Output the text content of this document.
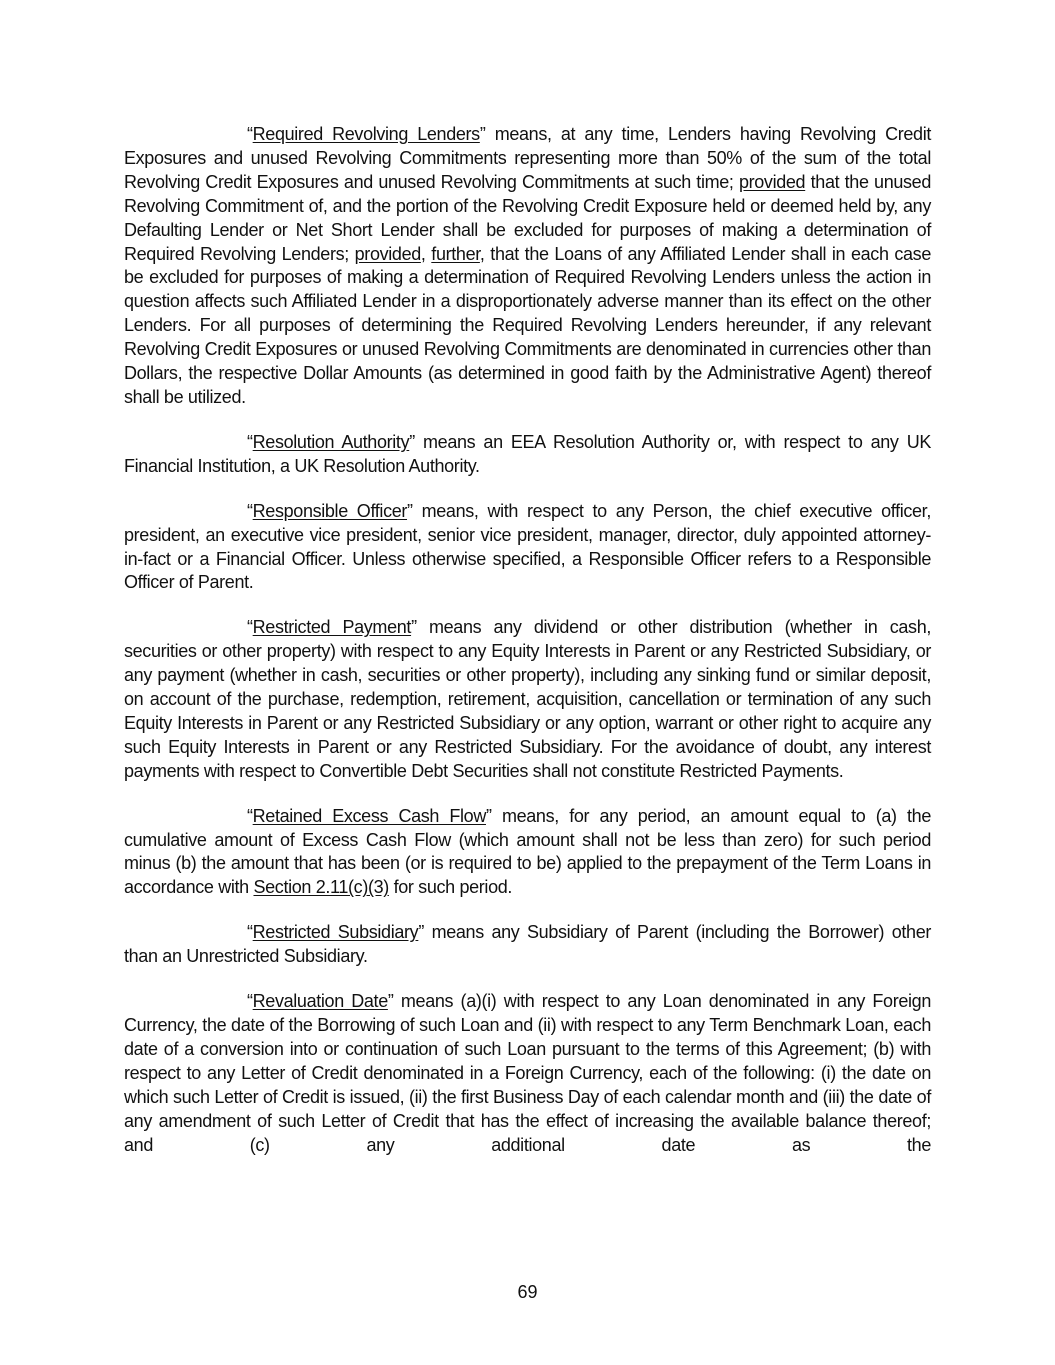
“Required Revolving Lenders” means, at any time, Lenders having Revolving Credit Exposures and unused Revolving Commitments representing more than 50% of the sum of the total Revolving Credit Exposures and unused Revolving Commitments at such time; provided that the unused Revolving Commitment of, and the portion of the Revolving Credit Exposure held or deemed held by, any Defaulting Lender or Net Short Lender shall be excluded for purposes of making a determination of Required Revolving Lenders; provided, further, that the Loans of any Affiliated Lender shall in each case be excluded for purposes of making a determination of Required Revolving Lenders unless the action in question affects such Affiliated Lender in a disproportionately adverse manner than its effect on the other Lenders. For all purposes of determining the Required Revolving Lenders hereunder, if any relevant Revolving Credit Exposures or unused Revolving Commitments are denominated in currencies other than Dollars, the respective Dollar Amounts (as determined in good faith by the Administrative Agent) thereof shall be utilized.

“Resolution Authority” means an EEA Resolution Authority or, with respect to any UK Financial Institution, a UK Resolution Authority.

“Responsible Officer” means, with respect to any Person, the chief executive officer, president, an executive vice president, senior vice president, manager, director, duly appointed attorney-in-fact or a Financial Officer. Unless otherwise specified, a Responsible Officer refers to a Responsible Officer of Parent.

“Restricted Payment” means any dividend or other distribution (whether in cash, securities or other property) with respect to any Equity Interests in Parent or any Restricted Subsidiary, or any payment (whether in cash, securities or other property), including any sinking fund or similar deposit, on account of the purchase, redemption, retirement, acquisition, cancellation or termination of any such Equity Interests in Parent or any Restricted Subsidiary or any option, warrant or other right to acquire any such Equity Interests in Parent or any Restricted Subsidiary. For the avoidance of doubt, any interest payments with respect to Convertible Debt Securities shall not constitute Restricted Payments.

“Retained Excess Cash Flow” means, for any period, an amount equal to (a) the cumulative amount of Excess Cash Flow (which amount shall not be less than zero) for such period minus (b) the amount that has been (or is required to be) applied to the prepayment of the Term Loans in accordance with Section 2.11(c)(3) for such period.

“Restricted Subsidiary” means any Subsidiary of Parent (including the Borrower) other than an Unrestricted Subsidiary.

“Revaluation Date” means (a)(i) with respect to any Loan denominated in any Foreign Currency, the date of the Borrowing of such Loan and (ii) with respect to any Term Benchmark Loan, each date of a conversion into or continuation of such Loan pursuant to the terms of this Agreement; (b) with respect to any Letter of Credit denominated in a Foreign Currency, each of the following: (i) the date on which such Letter of Credit is issued, (ii) the first Business Day of each calendar month and (iii) the date of any amendment of such Letter of Credit that has the effect of increasing the available balance thereof; and (c) any additional date as the

69
